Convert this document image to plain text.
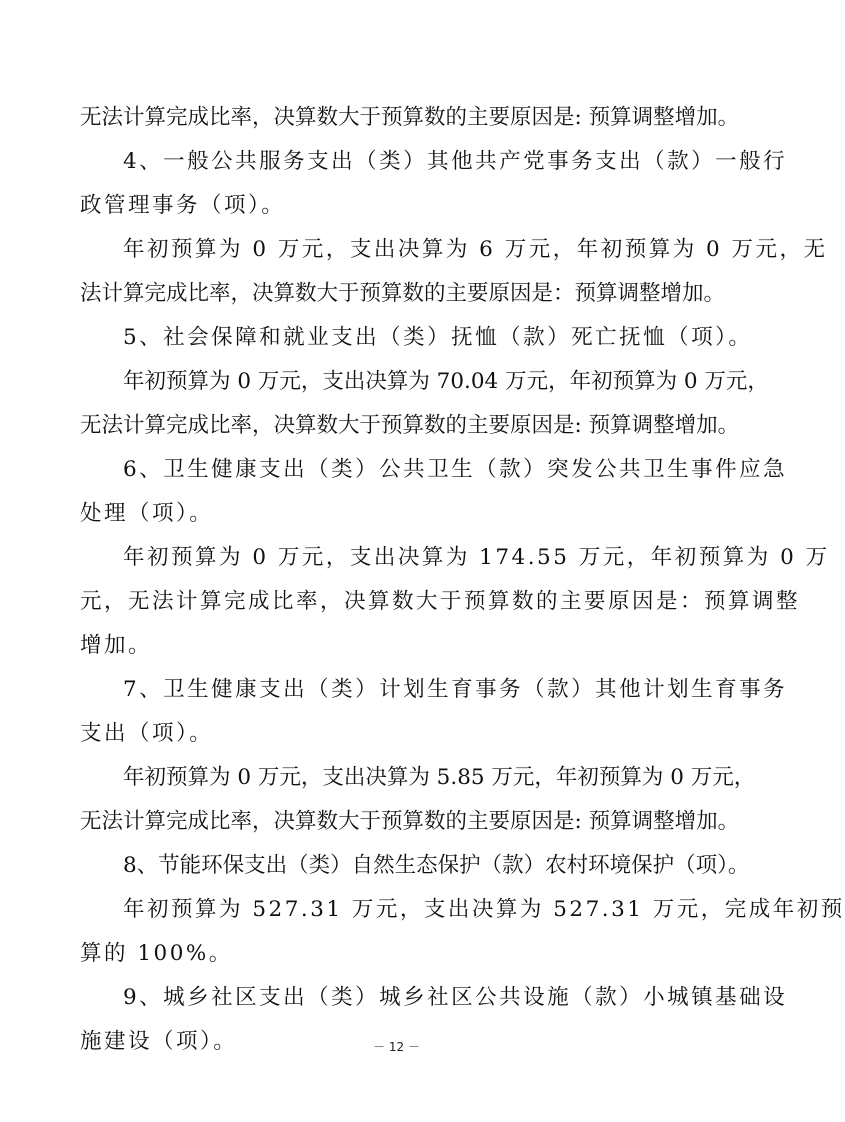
无法计算完成比率，决算数大于预算数的主要原因是: 预算调整增加。
4、一般公共服务支出（类）其他共产党事务支出（款）一般行
政管理事务（项）。
年初预算为 0 万元，支出决算为 6 万元，年初预算为 0 万元，无
法计算完成比率，决算数大于预算数的主要原因是：预算调整增加。
5、社会保障和就业支出（类）抚恤（款）死亡抚恤（项）。
年初预算为 0 万元，支出决算为 70.04 万元，年初预算为 0 万元，
无法计算完成比率，决算数大于预算数的主要原因是: 预算调整增加。
6、卫生健康支出（类）公共卫生（款）突发公共卫生事件应急
处理（项）。
年初预算为 0 万元，支出决算为 174.55 万元，年初预算为 0 万
元，无法计算完成比率，决算数大于预算数的主要原因是：预算调整
增加。
7、卫生健康支出（类）计划生育事务（款）其他计划生育事务
支出（项）。
年初预算为 0 万元，支出决算为 5.85 万元，年初预算为 0 万元，
无法计算完成比率，决算数大于预算数的主要原因是: 预算调整增加。
8、节能环保支出（类）自然生态保护（款）农村环境保护（项）。
年初预算为 527.31 万元，支出决算为 527.31 万元，完成年初预
算的 100%。
9、城乡社区支出（类）城乡社区公共设施（款）小城镇基础设
施建设（项）。	－ 12 －
